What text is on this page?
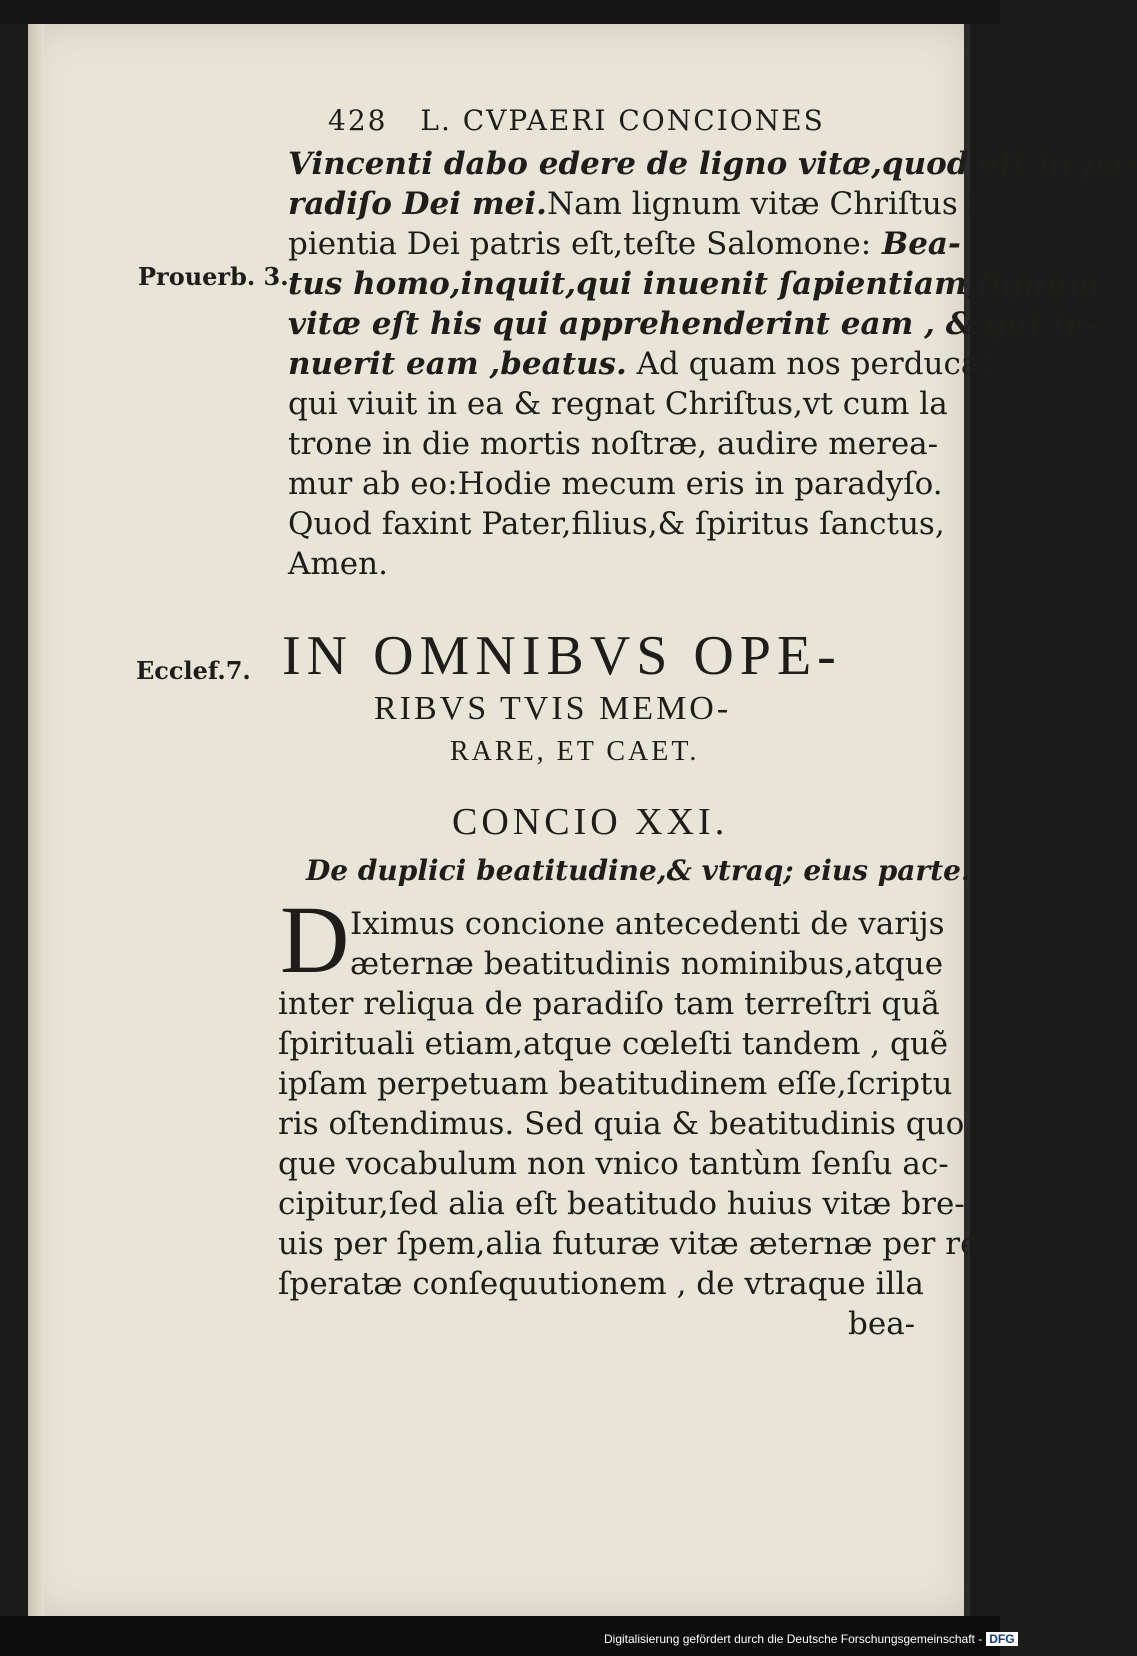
428 L. CVPAERI CONCIONES
Prouerb. 3.
Ecclef.7.
Vincenti dabo edere de ligno vitæ,quod eſt in pa-
radiſo Dei mei.Nam lignum vitæ Chriſtus ſa
pientia Dei patris eſt,teſte Salomone: Bea-
tus homo,inquit,qui inuenit ſapientiam,lignum
vitæ eſt his qui apprehenderint eam , & qui te-
nuerit eam ,beatus. Ad quam nos perducat,
qui viuit in ea & regnat Chriſtus,vt cum la
trone in die mortis noſtræ, audire merea-
mur ab eo:Hodie mecum eris in paradyſo.
Quod faxint Pater,filius,& ſpiritus ſanctus,
Amen.
IN OMNIBVS OPE-
RIBVS TVIS MEMO-
RARE, ET CAET.
CONCIO XXI.
De duplici beatitudine,& vtraq; eius parte.
D Iximus concione antecedenti de varijs
æternæ beatitudinis nominibus,atque
inter reliqua de paradiſo tam terreſtri quã
ſpirituali etiam,atque cœleſti tandem , quẽ
ipſam perpetuam beatitudinem eſſe,ſcriptu
ris oſtendimus. Sed quia & beatitudinis quo
que vocabulum non vnico tantùm ſenſu ac-
cipitur,ſed alia eſt beatitudo huius vitæ bre-
uis per ſpem,alia futuræ vitæ æternæ per rei
ſperatæ conſequutionem , de vtraque illa
bea-
Digitalisierung gefördert durch die Deutsche Forschungsgemeinschaft - DFG
